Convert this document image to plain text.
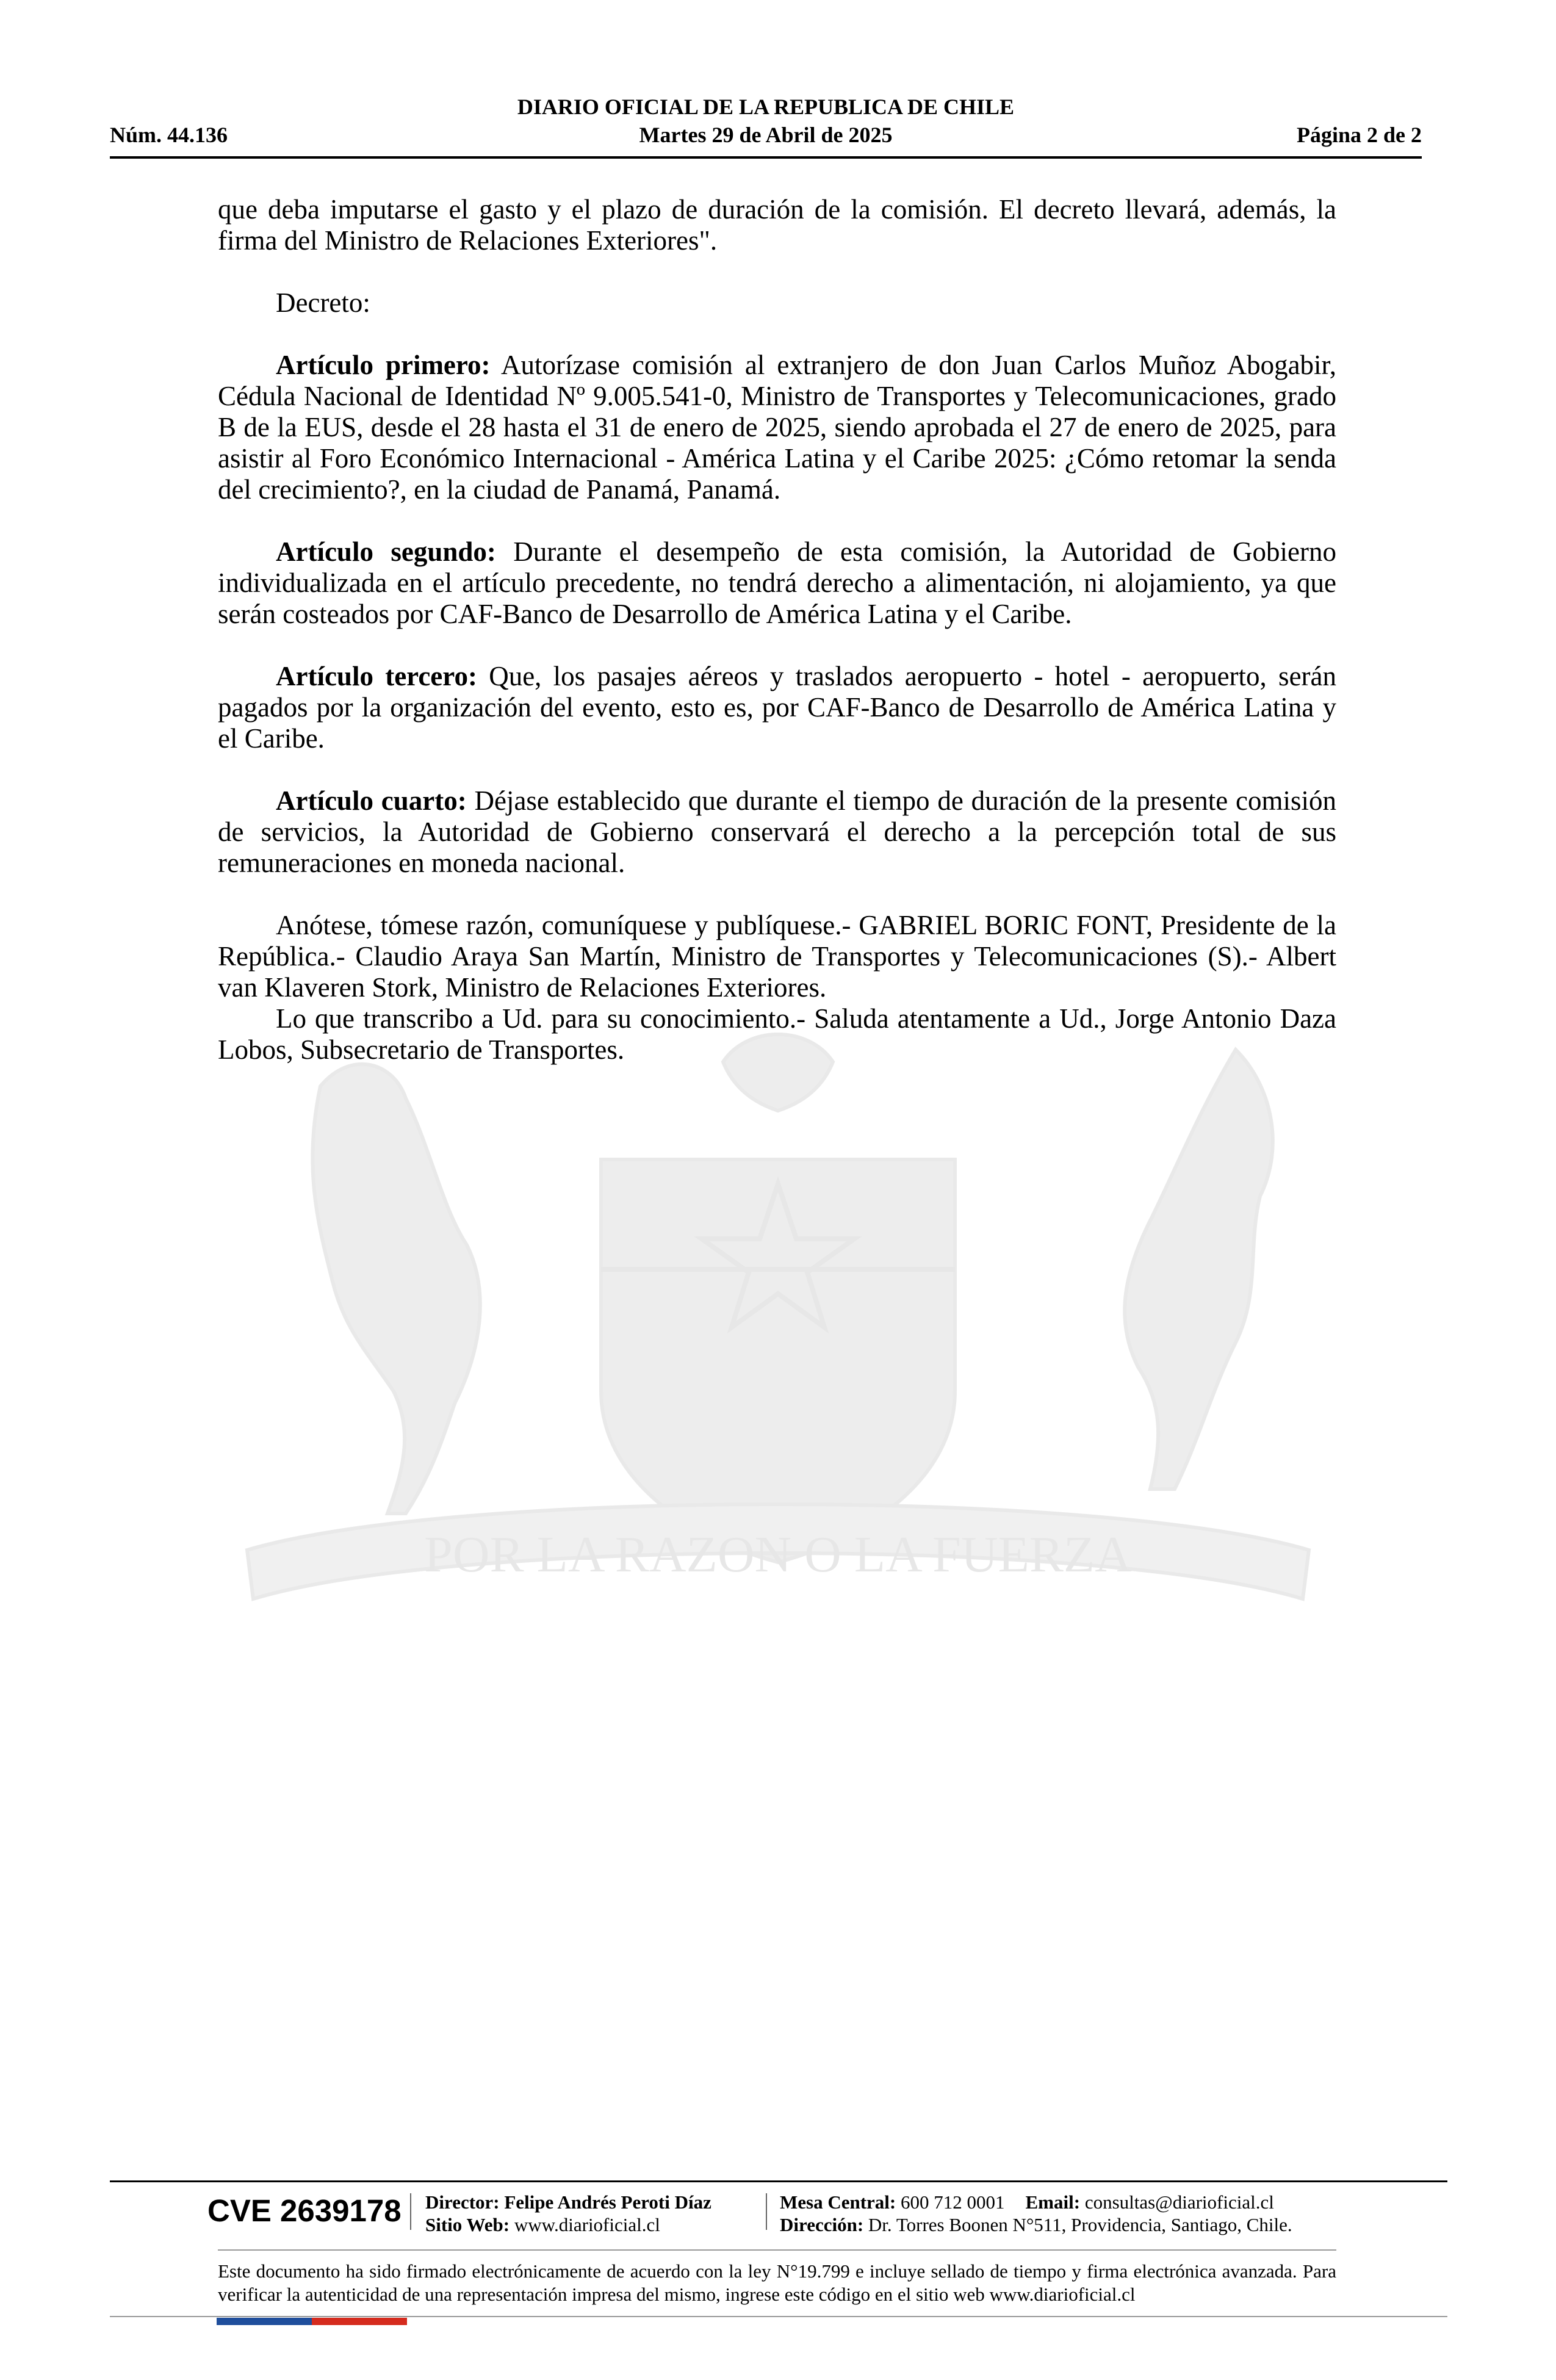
DIARIO OFICIAL DE LA REPUBLICA DE CHILE
Núm. 44.136	Martes 29 de Abril de 2025	Página 2 de 2
POR LA RAZON O LA FUERZA

que deba imputarse el gasto y el plazo de duración de la comisión. El decreto llevará, además, la firma del Ministro de Relaciones Exteriores".

Decreto:

Artículo primero: Autorízase comisión al extranjero de don Juan Carlos Muñoz Abogabir, Cédula Nacional de Identidad Nº 9.005.541-0, Ministro de Transportes y Telecomunicaciones, grado B de la EUS, desde el 28 hasta el 31 de enero de 2025, siendo aprobada el 27 de enero de 2025, para asistir al Foro Económico Internacional - América Latina y el Caribe 2025: ¿Cómo retomar la senda del crecimiento?, en la ciudad de Panamá, Panamá.

Artículo segundo: Durante el desempeño de esta comisión, la Autoridad de Gobierno individualizada en el artículo precedente, no tendrá derecho a alimentación, ni alojamiento, ya que serán costeados por CAF-Banco de Desarrollo de América Latina y el Caribe.

Artículo tercero: Que, los pasajes aéreos y traslados aeropuerto - hotel - aeropuerto, serán pagados por la organización del evento, esto es, por CAF-Banco de Desarrollo de América Latina y el Caribe.

Artículo cuarto: Déjase establecido que durante el tiempo de duración de la presente comisión de servicios, la Autoridad de Gobierno conservará el derecho a la percepción total de sus remuneraciones en moneda nacional.

Anótese, tómese razón, comuníquese y publíquese.- GABRIEL BORIC FONT, Presidente de la República.- Claudio Araya San Martín, Ministro de Transportes y Telecomunicaciones (S).- Albert van Klaveren Stork, Ministro de Relaciones Exteriores.

Lo que transcribo a Ud. para su conocimiento.- Saluda atentamente a Ud., Jorge Antonio Daza Lobos, Subsecretario de Transportes.

CVE 2639178 Director: Felipe Andrés Peroti Díaz
Sitio Web: www.diarioficial.cl
Mesa Central: 600 712 0001 Email: consultas@diarioficial.cl
Dirección: Dr. Torres Boonen N°511, Providencia, Santiago, Chile.
Este documento ha sido firmado electrónicamente de acuerdo con la ley N°19.799 e incluye sellado de tiempo y firma electrónica avanzada. Para verificar la autenticidad de una representación impresa del mismo, ingrese este código en el sitio web www.diarioficial.cl
